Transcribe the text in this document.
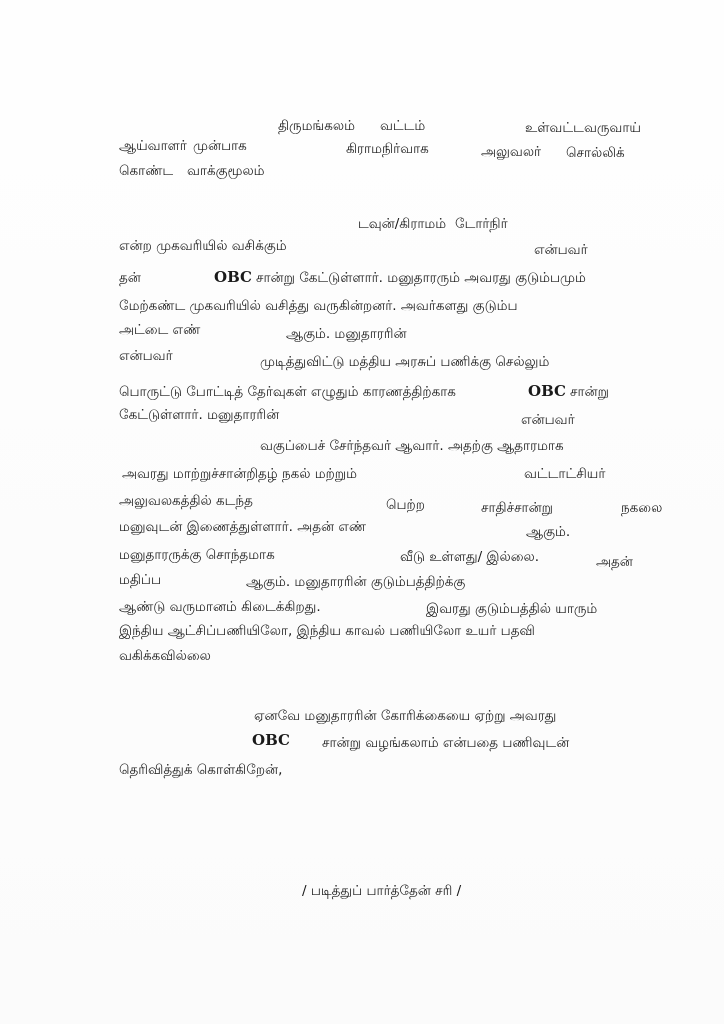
திருமங்கலம் வட்டம்	உள்வட்ட வருவாய்
ஆய்வாளர் முன்பாக	கிராமநிர்வாக	அலுவலர் சொல்லிக்
கொண்ட வாக்குமூலம்
டவுன்/கிராமம் டோர்நிர்
என்ற முகவரியில் வசிக்கும்	என்பவர்
தன்	OBC சான்று கேட்டுள்ளார். மனுதாரரும் அவரது குடும்பமும்
மேற்கண்ட முகவரியில் வசித்து வருகின்றனர். அவர்களது குடும்ப
அட்டை எண்	ஆகும். மனுதாரரின்
என்பவர்	முடித்துவிட்டு மத்திய அரசுப் பணிக்கு செல்லும்
பொருட்டு போட்டித் தேர்வுகள் எழுதும் காரணத்திற்காக	OBC சான்று
கேட்டுள்ளார். மனுதாரரின்	என்பவர்
வகுப்பைச் சேர்ந்தவர் ஆவார். அதற்கு ஆதாரமாக
அவரது மாற்றுச்சான்றிதழ் நகல் மற்றும்	வட்டாட்சியர்
அலுவலகத்தில் கடந்த	பெற்ற	சாதிச்சான்று	நகலை
மனுவுடன் இணைத்துள்ளார். அதன் எண்	ஆகும்.
மனுதாரருக்கு சொந்தமாக	வீடு உள்ளது/ இல்லை.	அதன்
மதிப்ப	ஆகும். மனுதாரரின் குடும்பத்திற்க்கு
ஆண்டு வருமானம் கிடைக்கிறது.	இவரது குடும்பத்தில் யாரும்
இந்திய ஆட்சிப்பணியிலோ, இந்திய காவல் பணியிலோ உயர் பதவி
வகிக்கவில்லை
ஏனவே மனுதாரரின் கோரிக்கையை ஏற்று அவரது
OBC சான்று வழங்கலாம் என்பதை பணிவுடன்
தெரிவித்துக் கொள்கிறேன்,
/ படித்துப் பார்த்தேன் சரி /
